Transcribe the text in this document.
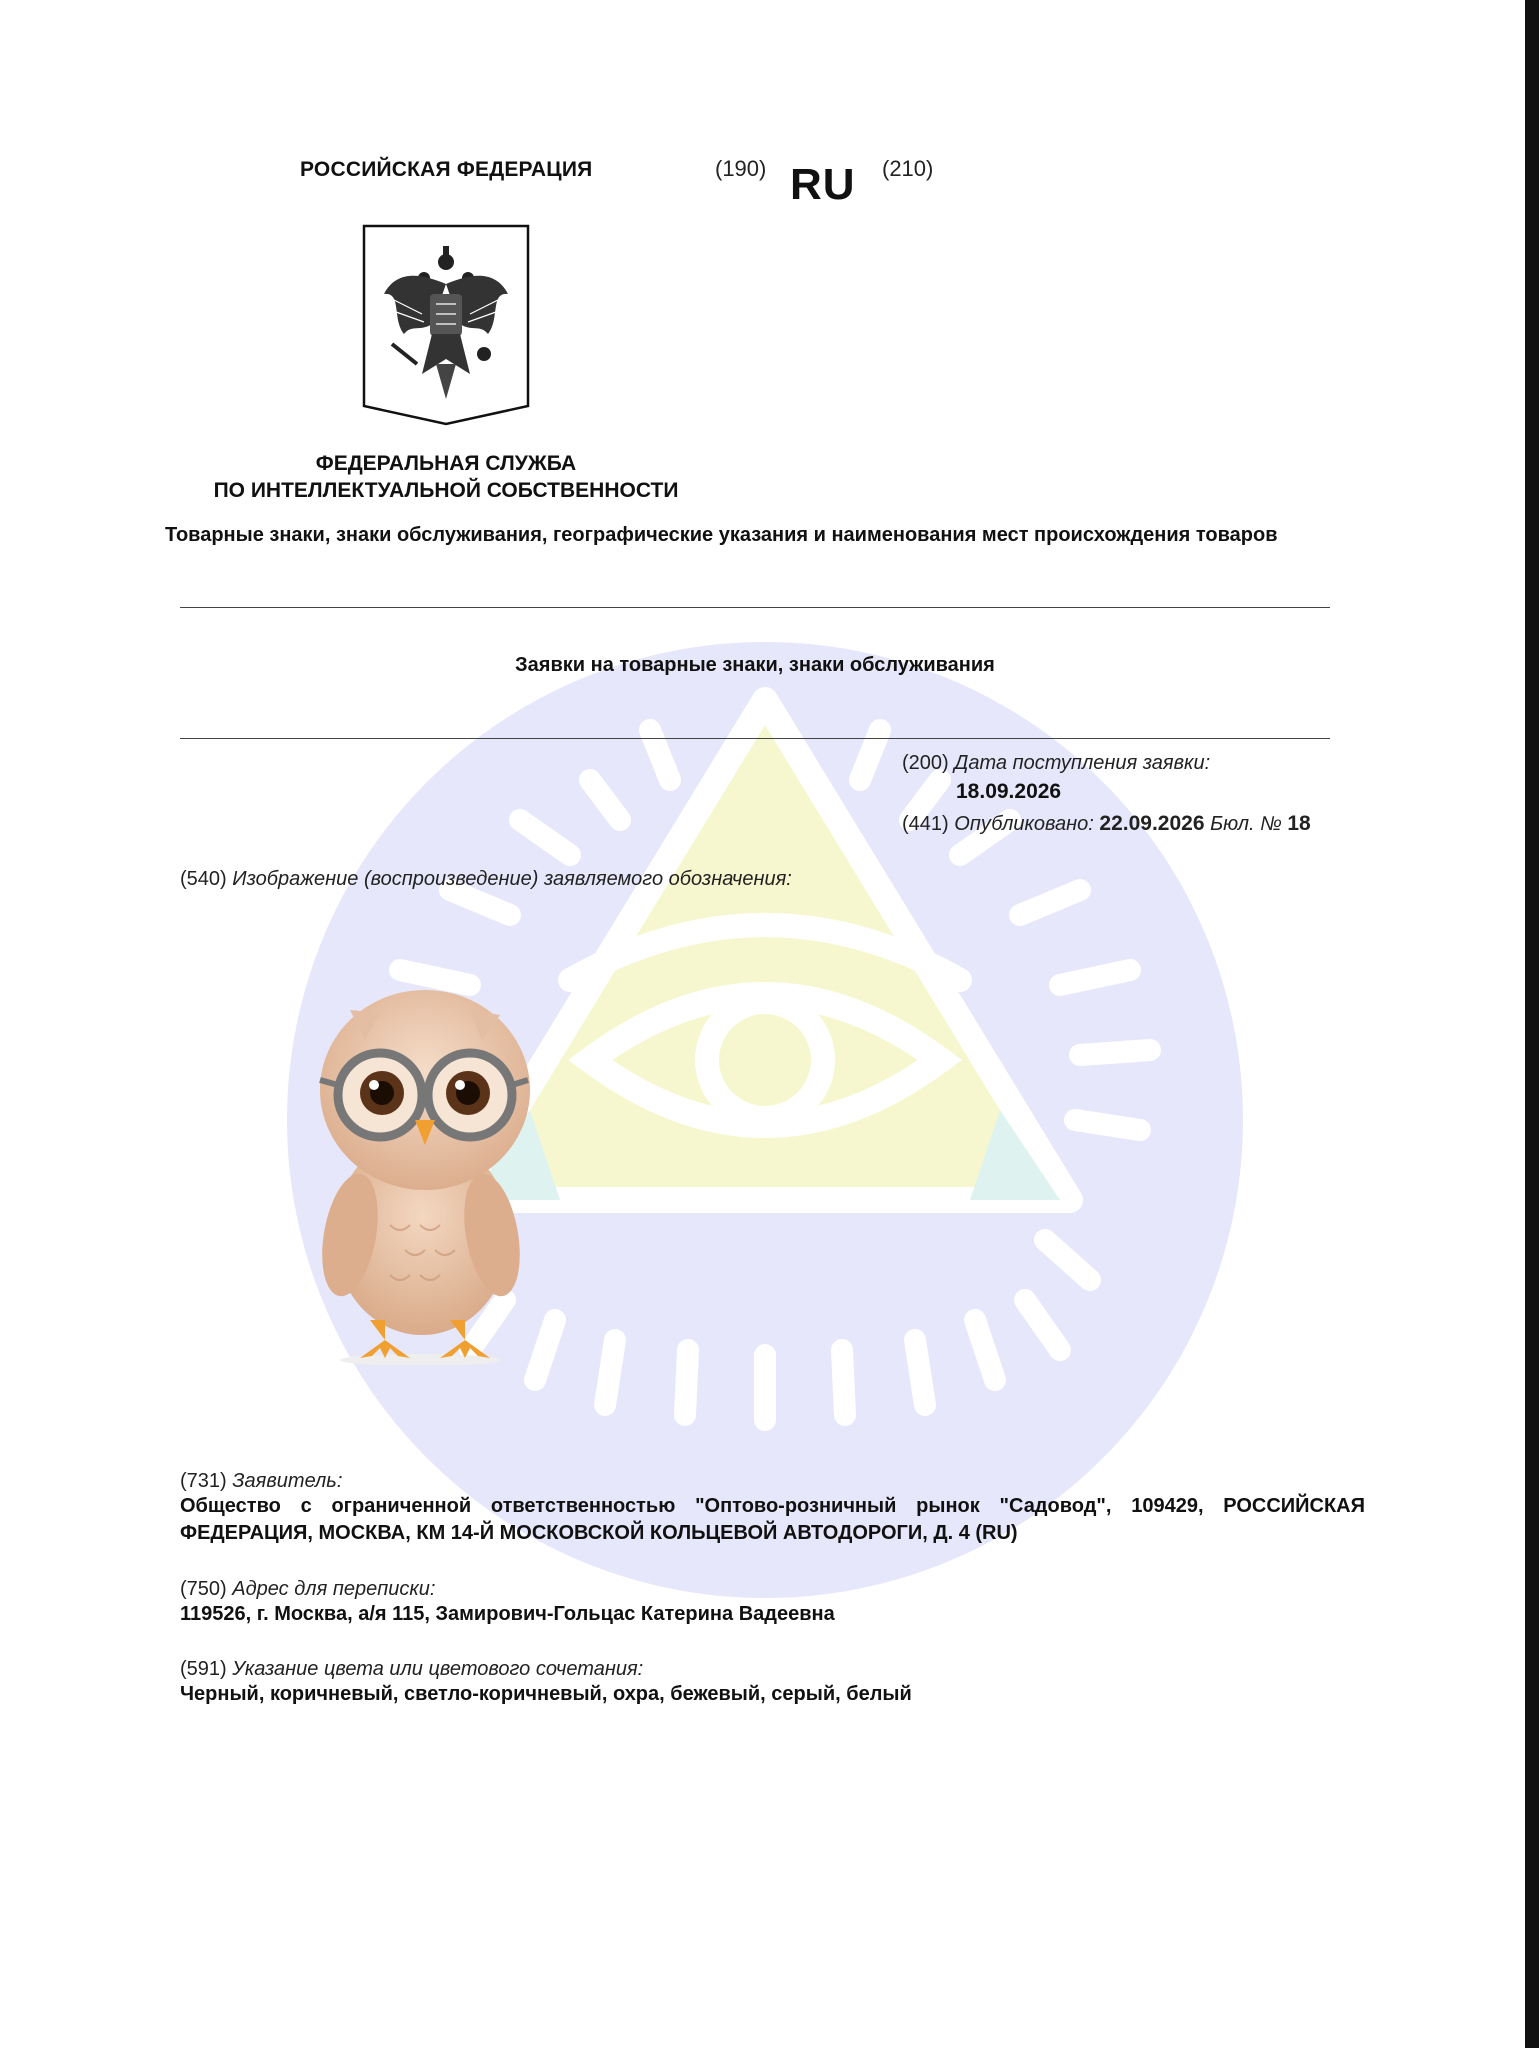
РОССИЙСКАЯ ФЕДЕРАЦИЯ	(190) RU (210)
ФЕДЕРАЛЬНАЯ СЛУЖБА
ПО ИНТЕЛЛЕКТУАЛЬНОЙ СОБСТВЕННОСТИ
Товарные знаки, знаки обслуживания, географические указания и наименования мест происхождения товаров
Заявки на товарные знаки, знаки обслуживания
(200) Дата поступления заявки:
18.09.2026
(441) Опубликовано: 22.09.2026 Бюл. № 18
(540) Изображение (воспроизведение) заявляемого обозначения:
(731) Заявитель:
Общество с ограниченной ответственностью "Оптово-розничный рынок "Садовод", 109429, РОССИЙСКАЯ ФЕДЕРАЦИЯ, МОСКВА, КМ 14-Й МОСКОВСКОЙ КОЛЬЦЕВОЙ АВТОДОРОГИ, Д. 4 (RU)
(750) Адрес для переписки:
119526, г. Москва, а/я 115, Замирович-Гольцас Катерина Вадеевна
(591) Указание цвета или цветового сочетания:
Черный, коричневый, светло-коричневый, охра, бежевый, серый, белый
